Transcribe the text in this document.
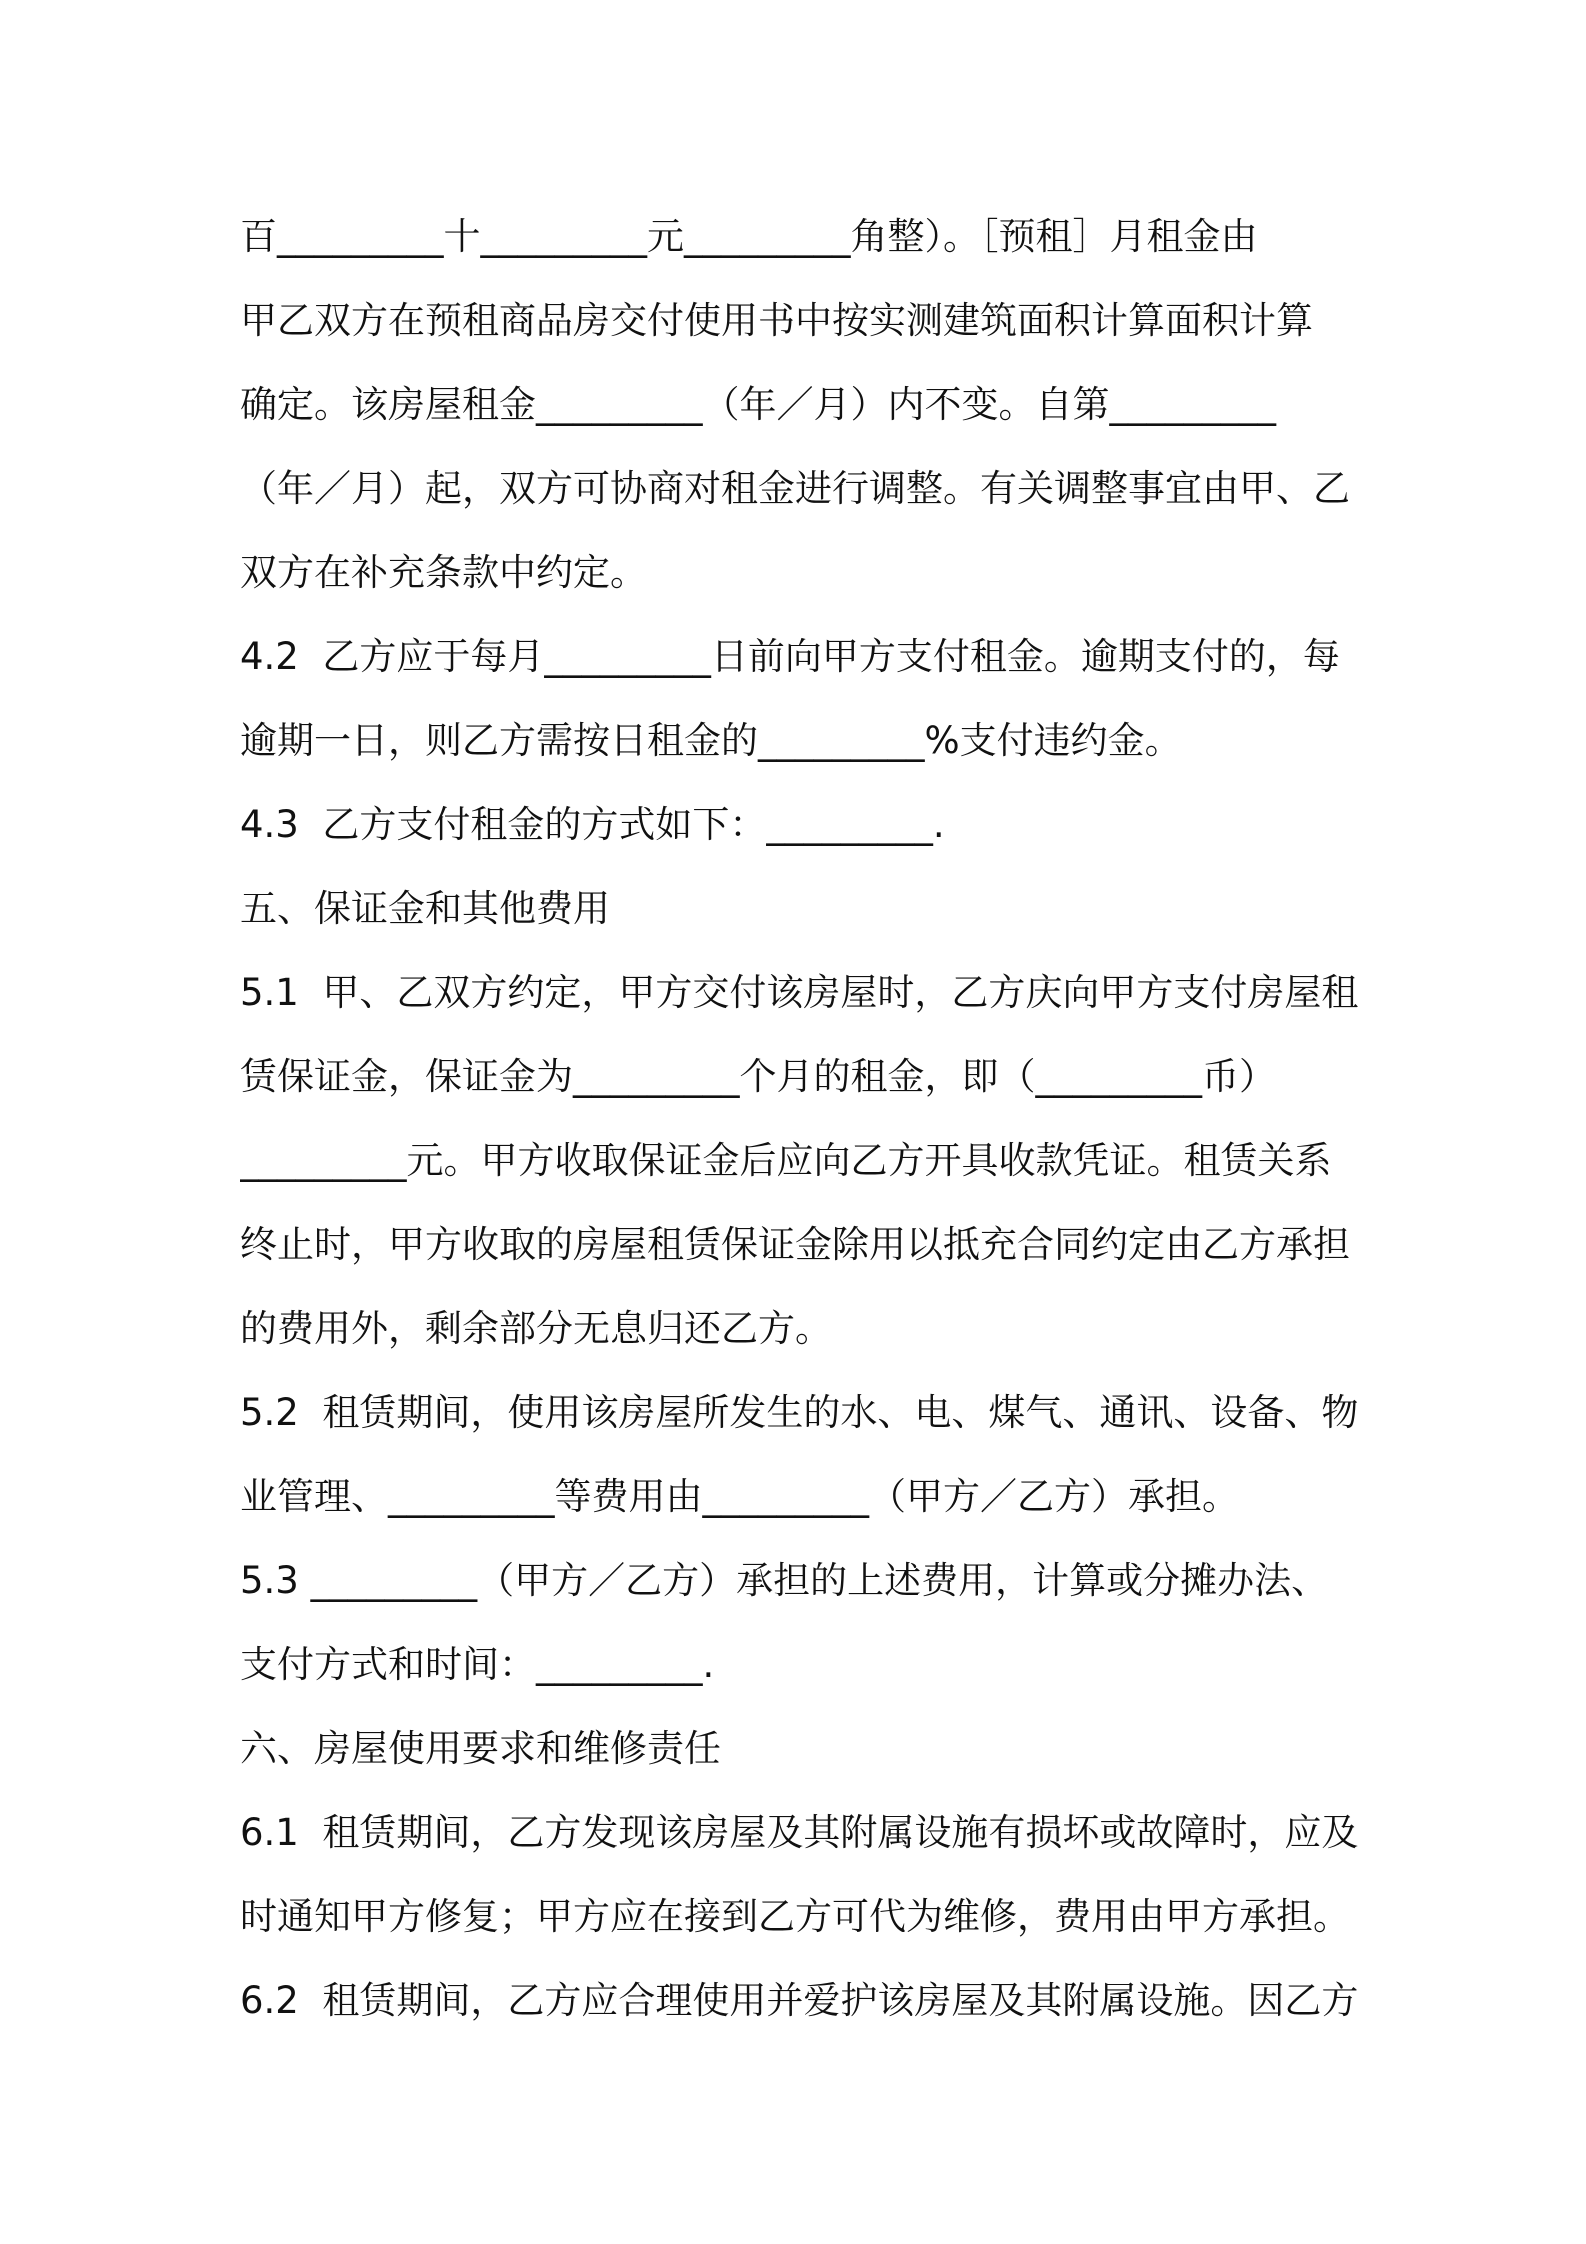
百_________十_________元_________角整）。［预租］月租金由
甲乙双方在预租商品房交付使用书中按实测建筑面积计算面积计算
确定。该房屋租金_________（年／月）内不变。自第_________
（年／月）起，双方可协商对租金进行调整。有关调整事宜由甲、乙
双方在补充条款中约定。
4.2  乙方应于每月_________日前向甲方支付租金。逾期支付的，每
逾期一日，则乙方需按日租金的_________%支付违约金。
4.3  乙方支付租金的方式如下：_________.
五、保证金和其他费用
5.1  甲、乙双方约定，甲方交付该房屋时，乙方庆向甲方支付房屋租
赁保证金，保证金为_________个月的租金，即（_________币）
_________元。甲方收取保证金后应向乙方开具收款凭证。租赁关系
终止时，甲方收取的房屋租赁保证金除用以抵充合同约定由乙方承担
的费用外，剩余部分无息归还乙方。
5.2  租赁期间，使用该房屋所发生的水、电、煤气、通讯、设备、物
业管理、_________等费用由_________（甲方／乙方）承担。
5.3 _________（甲方／乙方）承担的上述费用，计算或分摊办法、
支付方式和时间：_________.
六、房屋使用要求和维修责任
6.1  租赁期间，乙方发现该房屋及其附属设施有损坏或故障时，应及
时通知甲方修复；甲方应在接到乙方可代为维修，费用由甲方承担。
6.2  租赁期间，乙方应合理使用并爱护该房屋及其附属设施。因乙方
